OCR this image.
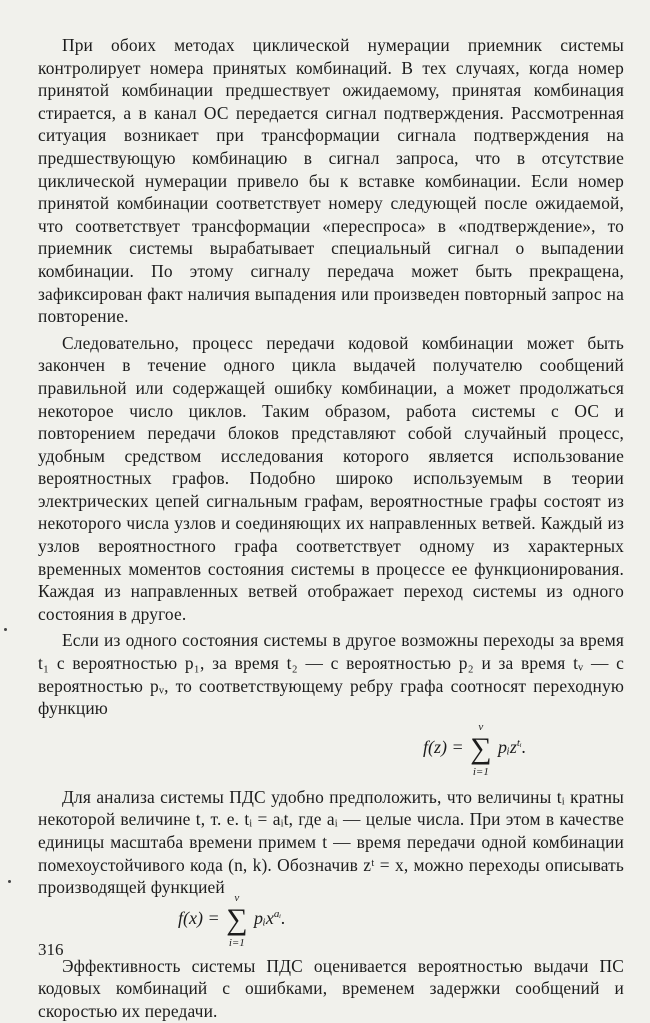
При обоих методах циклической нумерации приемник системы контролирует номера принятых комбинаций. В тех случаях, когда номер принятой комбинации предшествует ожидаемому, принятая комбинация стирается, а в канал ОС передается сигнал подтверждения. Рассмотренная ситуация возникает при трансформации сигнала подтверждения на предшествующую комбинацию в сигнал запроса, что в отсутствие циклической нумерации привело бы к вставке комбинации. Если номер принятой комбинации соответствует номеру следующей после ожидаемой, что соответствует трансформации «переспроса» в «подтверждение», то приемник системы вырабатывает специальный сигнал о выпадении комбинации. По этому сигналу передача может быть прекращена, зафиксирован факт наличия выпадения или произведен повторный запрос на повторение.

Следовательно, процесс передачи кодовой комбинации может быть закончен в течение одного цикла выдачей получателю сообщений правильной или содержащей ошибку комбинации, а может продолжаться некоторое число циклов. Таким образом, работа системы с ОС и повторением передачи блоков представляют собой случайный процесс, удобным средством исследования которого является использование вероятностных графов. Подобно широко используемым в теории электрических цепей сигнальным графам, вероятностные графы состоят из некоторого числа узлов и соединяющих их направленных ветвей. Каждый из узлов вероятностного графа соответствует одному из характерных временных моментов состояния системы в процессе ее функционирования. Каждая из направленных ветвей отображает переход системы из одного состояния в другое.

Если из одного состояния системы в другое возможны переходы за время t₁ с вероятностью p₁, за время t₂ — с вероятностью p₂ и за время tᵥ — с вероятностью pᵥ, то соответствующему ребру графа соотносят переходную функцию

f(z) = ∑
ν
i=1
pᵢz$^{tᵢ}$.

Для анализа системы ПДС удобно предположить, что величины tᵢ кратны некоторой величине t, т. е. tᵢ = aᵢt, где aᵢ — целые числа. При этом в качестве единицы масштаба времени примем t — время передачи одной комбинации помехоустойчивого кода (n, k). Обозначив zᵗ = x, можно переходы описывать производящей функцией

f(x) = ∑
ν
i=1
pᵢx$^{aᵢ}$.

Эффективность системы ПДС оценивается вероятностью выдачи ПС кодовых комбинаций с ошибками, временем задержки сообщений и скоростью их передачи.

316
